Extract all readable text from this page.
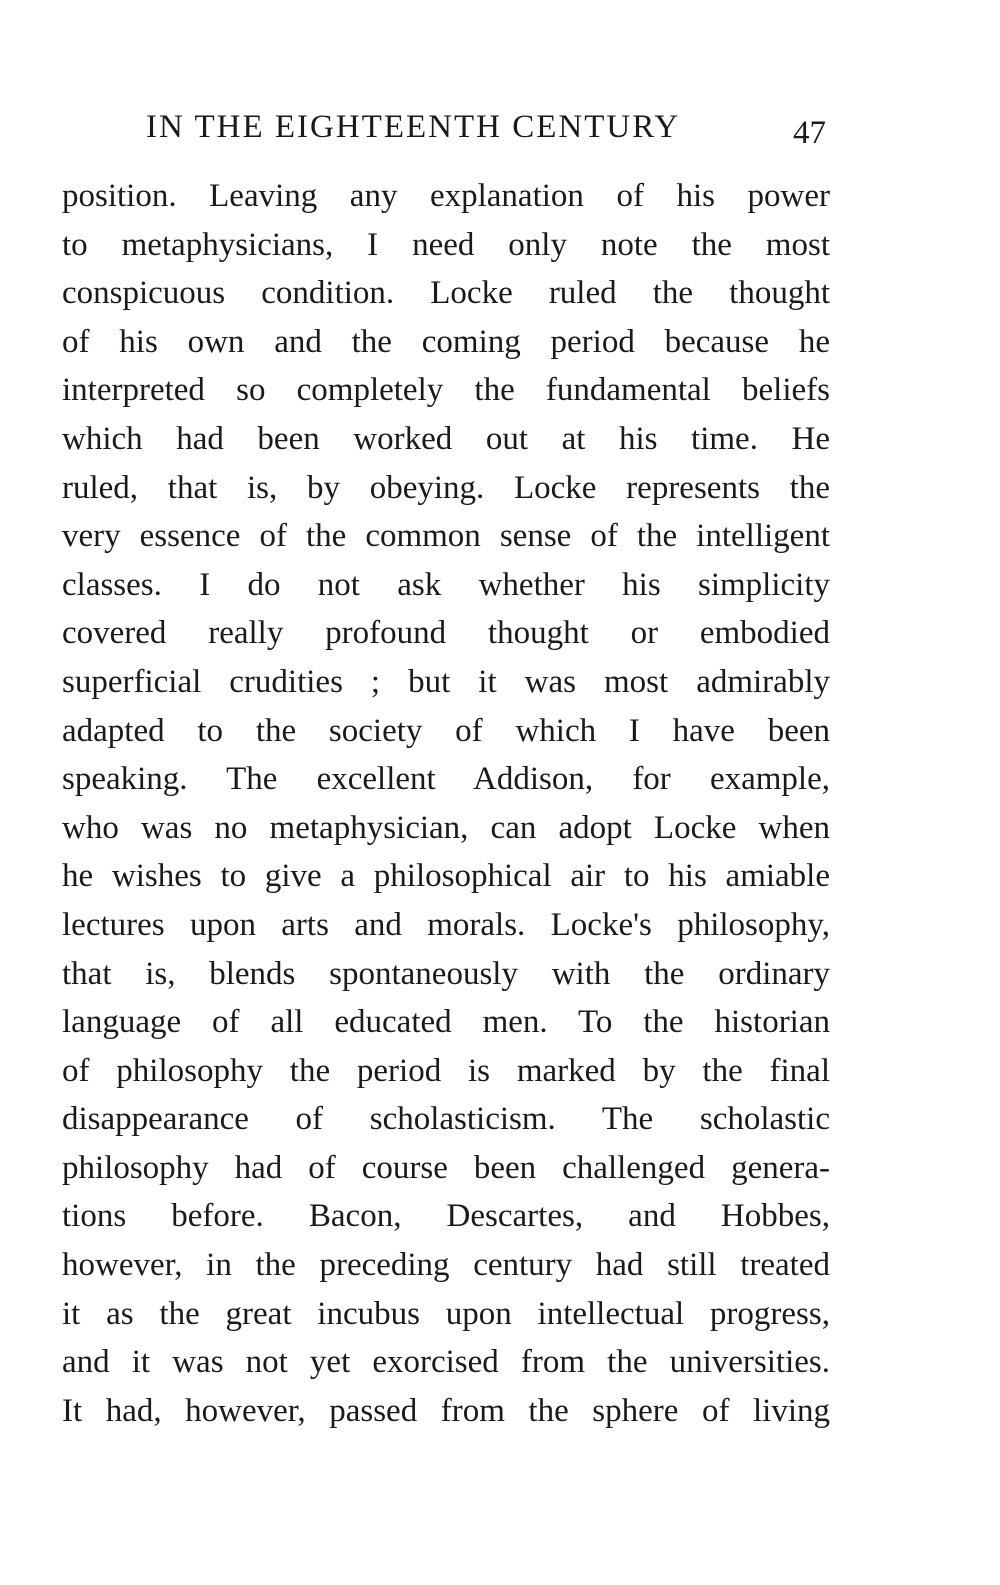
IN THE EIGHTEENTH CENTURY	47
position. Leaving any explanation of his power
to metaphysicians, I need only note the most
conspicuous condition. Locke ruled the thought
of his own and the coming period because he
interpreted so completely the fundamental beliefs
which had been worked out at his time. He
ruled, that is, by obeying. Locke represents the
very essence of the common sense of the intelligent
classes. I do not ask whether his simplicity
covered really profound thought or embodied
superficial crudities ; but it was most admirably
adapted to the society of which I have been
speaking. The excellent Addison, for example,
who was no metaphysician, can adopt Locke when
he wishes to give a philosophical air to his amiable
lectures upon arts and morals. Locke's philosophy,
that is, blends spontaneously with the ordinary
language of all educated men. To the historian
of philosophy the period is marked by the final
disappearance of scholasticism. The scholastic
philosophy had of course been challenged genera-
tions before. Bacon, Descartes, and Hobbes,
however, in the preceding century had still treated
it as the great incubus upon intellectual progress,
and it was not yet exorcised from the universities.
It had, however, passed from the sphere of living
